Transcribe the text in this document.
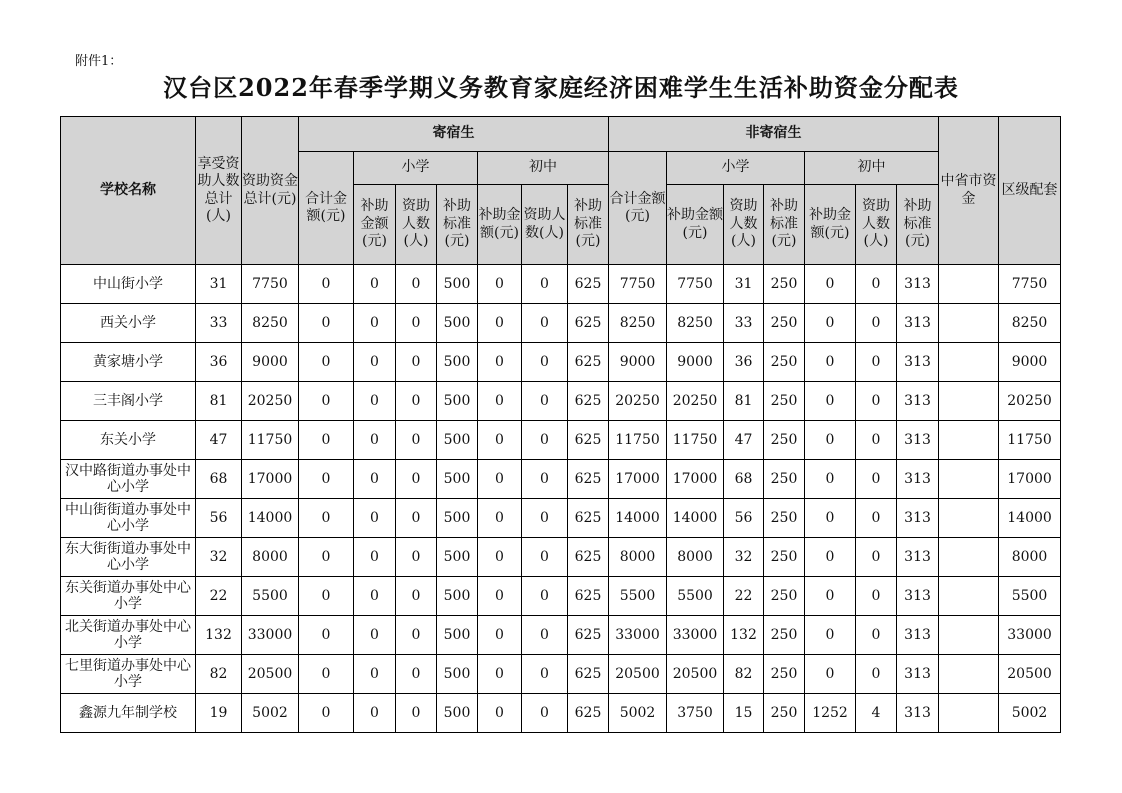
附件1：
汉台区2022年春季学期义务教育家庭经济困难学生生活补助资金分配表
学校名称	享受资助人数总计(人)	资助资金总计(元)	寄宿生							非寄宿生							中省市资金	区级配套
			合计金额(元)	小学			初中			合计金额(元)	小学			初中				
				补助金额(元)	资助人数(人)	补助标准(元)	补助金额(元)	资助人数(人)	补助标准(元)		补助金额(元)	资助人数(人)	补助标准(元)	补助金额(元)	资助人数(人)	补助标准(元)		

中山街小学	31	7750	0	0	0	500	0	0	625	7750	7750	31	250	0	0	313		7750
西关小学	33	8250	0	0	0	500	0	0	625	8250	8250	33	250	0	0	313		8250
黄家塘小学	36	9000	0	0	0	500	0	0	625	9000	9000	36	250	0	0	313		9000
三丰阁小学	81	20250	0	0	0	500	0	0	625	20250	20250	81	250	0	0	313		20250
东关小学	47	11750	0	0	0	500	0	0	625	11750	11750	47	250	0	0	313		11750
汉中路街道办事处中心小学	68	17000	0	0	0	500	0	0	625	17000	17000	68	250	0	0	313		17000
中山街街道办事处中心小学	56	14000	0	0	0	500	0	0	625	14000	14000	56	250	0	0	313		14000
东大街街道办事处中心小学	32	8000	0	0	0	500	0	0	625	8000	8000	32	250	0	0	313		8000
东关街道办事处中心小学	22	5500	0	0	0	500	0	0	625	5500	5500	22	250	0	0	313		5500
北关街道办事处中心小学	132	33000	0	0	0	500	0	0	625	33000	33000	132	250	0	0	313		33000
七里街道办事处中心小学	82	20500	0	0	0	500	0	0	625	20500	20500	82	250	0	0	313		20500
鑫源九年制学校	19	5002	0	0	0	500	0	0	625	5002	3750	15	250	1252	4	313		5002
